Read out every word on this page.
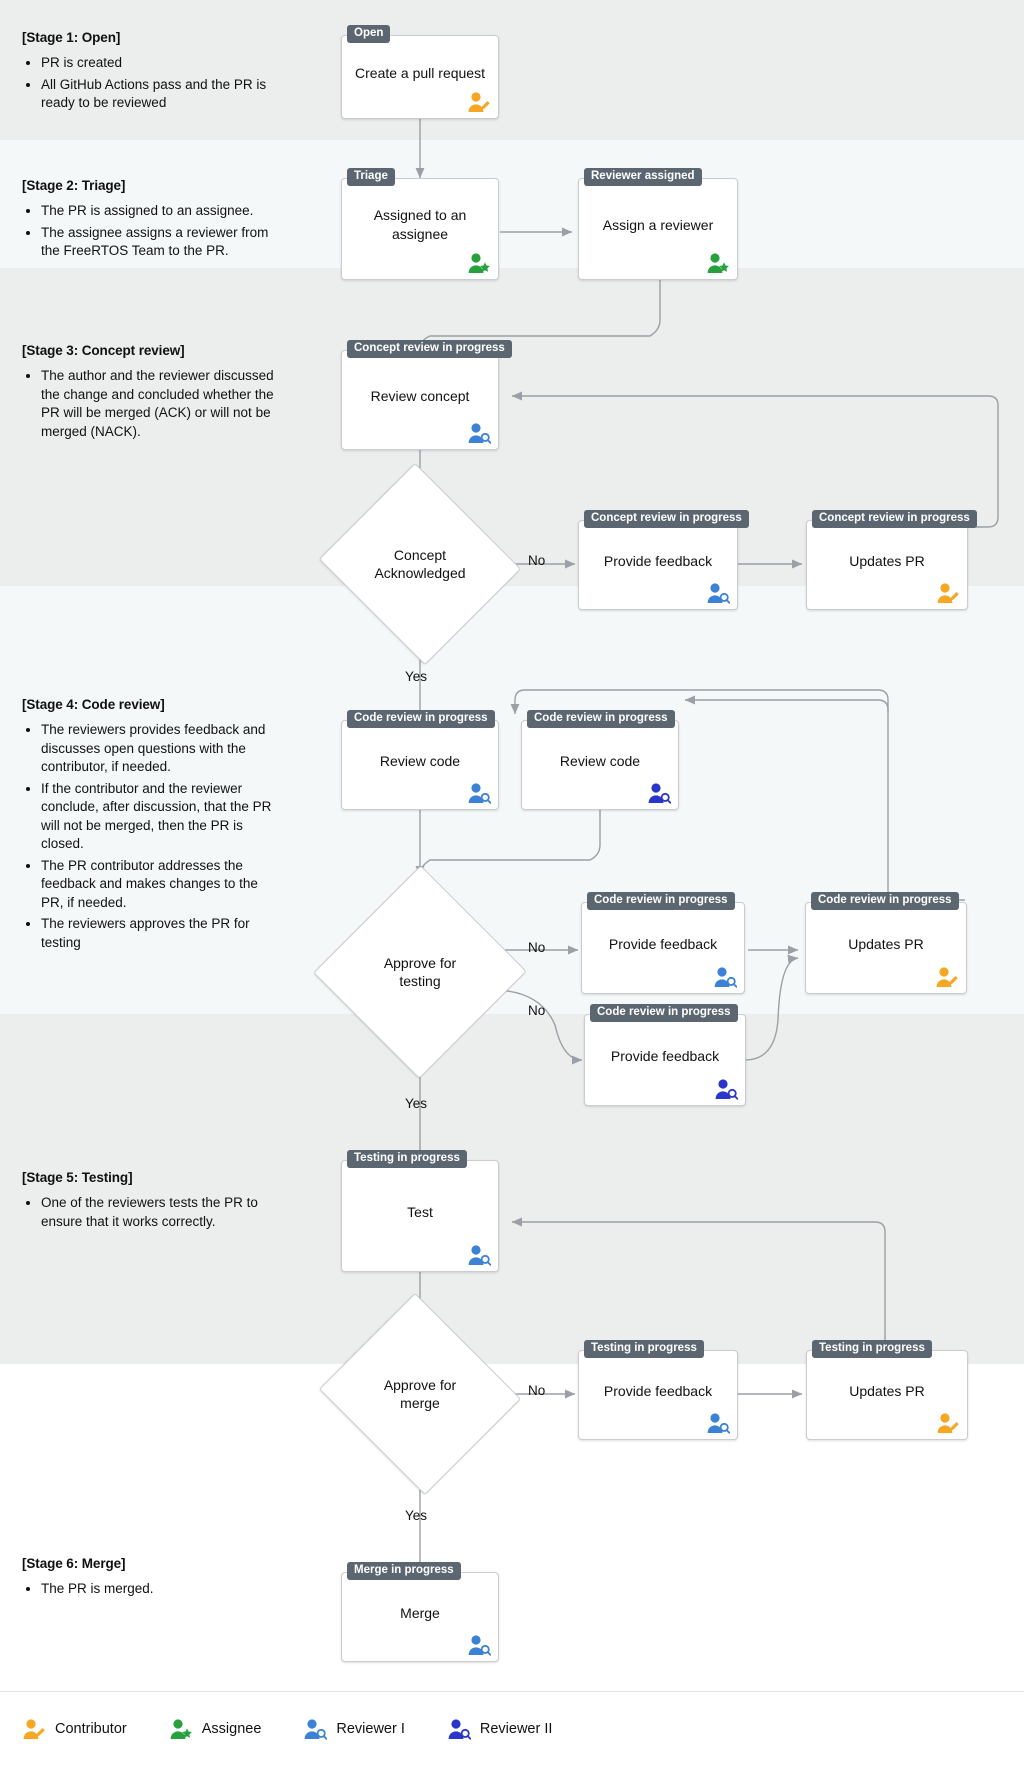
[Stage 1: Open]
• PR is created
• All GitHub Actions pass and the PR is ready to be reviewed
[Stage 2: Triage]
• The PR is assigned to an assignee.
• The assignee assigns a reviewer from the FreeRTOS Team to the PR.
[Stage 3: Concept review]
• The author and the reviewer discussed the change and concluded whether the PR will be merged (ACK) or will not be merged (NACK).
[Stage 4: Code review]
• The reviewers provides feedback and discusses open questions with the contributor, if needed.
• If the contributor and the reviewer conclude, after discussion, that the PR will not be merged, then the PR is closed.
• The PR contributor addresses the feedback and makes changes to the PR, if needed.
• The reviewers approves the PR for testing
[Stage 5: Testing]
• One of the reviewers tests the PR to ensure that it works correctly.
[Stage 6: Merge]
• The PR is merged.
Open
Create a pull request
Triage
Assigned to an assignee
Reviewer assigned
Assign a reviewer
Concept review in progress
Review concept
Concept Acknowledged
Concept review in progress
Provide feedback
Concept review in progress
Updates PR
No
Yes
Code review in progress
Review code
Code review in progress
Review code
Approve for testing
Code review in progress
Provide feedback
Code review in progress
Provide feedback
Code review in progress
Updates PR
No
No
Yes
Testing in progress
Test
Approve for merge
Testing in progress
Provide feedback
Testing in progress
Updates PR
No
Yes
Merge in progress
Merge
Contributor	Assignee	Reviewer I	Reviewer II
